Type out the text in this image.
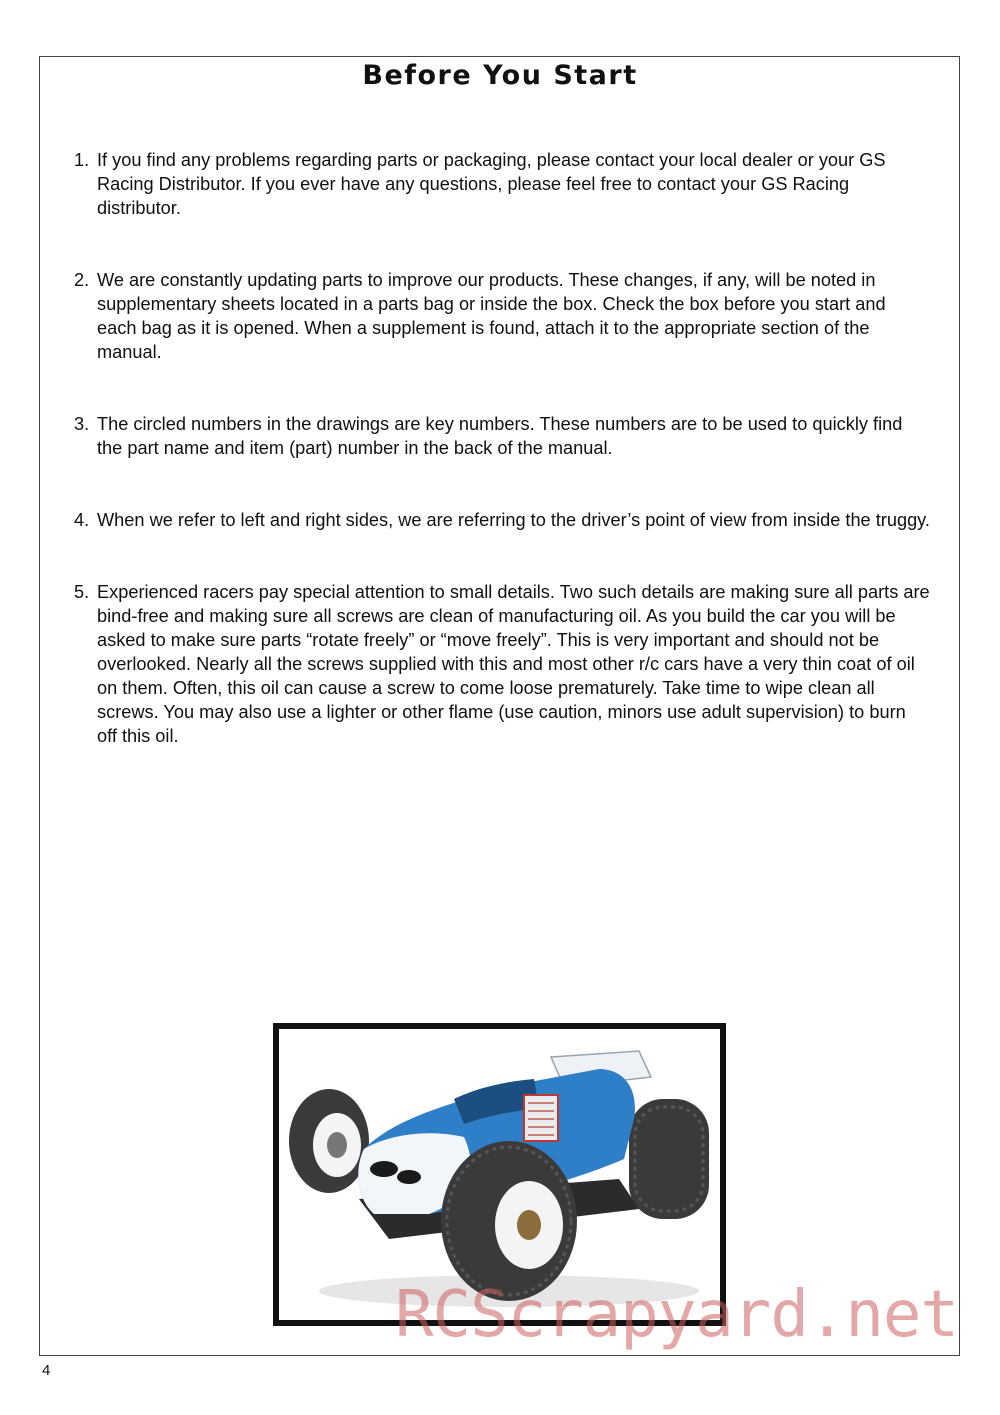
Before You Start
1. If you find any problems regarding parts or packaging, please contact your local dealer or your GS Racing Distributor. If you ever have any questions, please feel free to contact your GS Racing distributor.
2. We are constantly updating parts to improve our products. These changes, if any, will be noted in supplementary sheets located in a parts bag or inside the box. Check the box before you start and each bag as it is opened. When a supplement is found, attach it to the appropriate section of the manual.
3. The circled numbers in the drawings are key numbers. These numbers are to be used to quickly find the part name and item (part) number in the back of the manual.
4. When we refer to left and right sides, we are referring to the driver’s point of view from inside the truggy.
5. Experienced racers pay special attention to small details. Two such details are making sure all parts are bind-free and making sure all screws are clean of manufacturing oil. As you build the car you will be asked to make sure parts “rotate freely” or “move freely”. This is very important and should not be overlooked. Nearly all the screws supplied with this and most other r/c cars have a very thin coat of oil on them. Often, this oil can cause a screw to come loose prematurely. Take time to wipe clean all screws. You may also use a lighter or other flame (use caution, minors use adult supervision) to burn off this oil.
4
RCScrapyard.net
